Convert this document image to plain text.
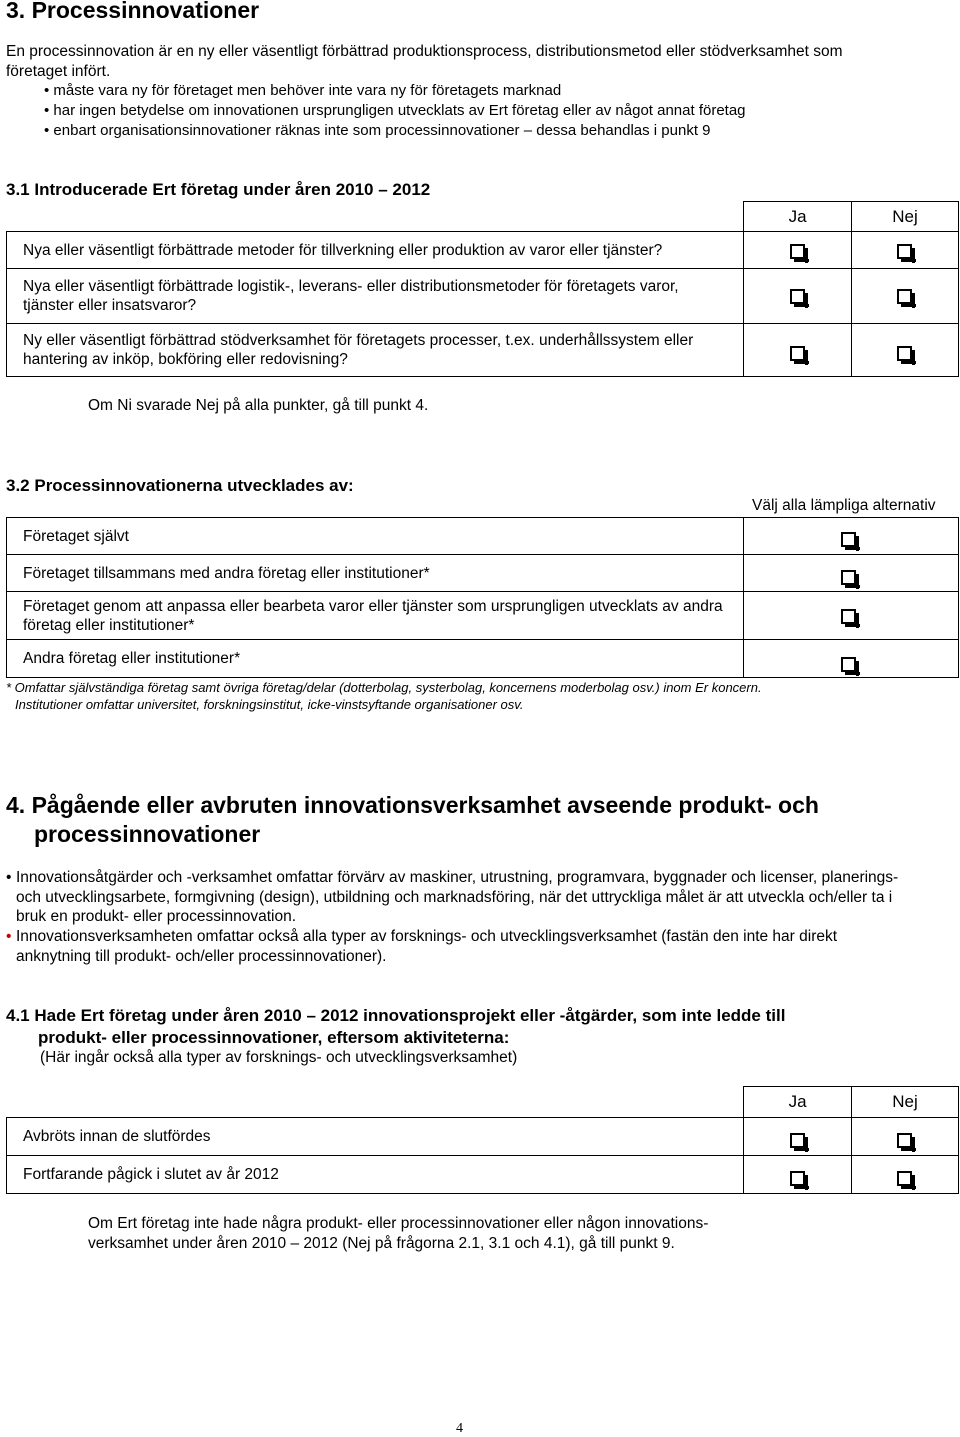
3. Processinnovationer
En processinnovation är en ny eller väsentligt förbättrad produktionsprocess, distributionsmetod eller stödverksamhet som företaget infört.
• måste vara ny för företaget men behöver inte vara ny för företagets marknad
• har ingen betydelse om innovationen ursprungligen utvecklats av Ert företag eller av något annat företag
• enbart organisationsinnovationer räknas inte som processinnovationer – dessa behandlas i punkt 9
3.1 Introducerade Ert företag under åren 2010 – 2012
	Ja	Nej
Nya eller väsentligt förbättrade metoder för tillverkning eller produktion av varor eller tjänster?	

Nya eller väsentligt förbättrade logistik-, leverans- eller distributionsmetoder för företagets varor, tjänster eller insatsvaror?	

Ny eller väsentligt förbättrad stödverksamhet för företagets processer, t.ex. underhållssystem eller hantering av inköp, bokföring eller redovisning?	

Om Ni svarade Nej på alla punkter, gå till punkt 4.
3.2 Processinnovationerna utvecklades av:
Välj alla lämpliga alternativ
Företaget självt	

Företaget tillsammans med andra företag eller institutioner*	

Företaget genom att anpassa eller bearbeta varor eller tjänster som ursprungligen utvecklats av andra företag eller institutioner*	

Andra företag eller institutioner*	
* Omfattar självständiga företag samt övriga företag/delar (dotterbolag, systerbolag, koncernens moderbolag osv.) inom Er koncern.
Institutioner omfattar universitet, forskningsinstitut, icke-vinstsyftande organisationer osv.
4. Pågående eller avbruten innovationsverksamhet avseende produkt- och
processinnovationer
• Innovationsåtgärder och -verksamhet omfattar förvärv av maskiner, utrustning, programvara, byggnader och licenser, planerings- och utvecklingsarbete, formgivning (design), utbildning och marknadsföring, när det uttryckliga målet är att utveckla och/eller ta i bruk en produkt- eller processinnovation.
• Innovationsverksamheten omfattar också alla typer av forsknings- och utvecklingsverksamhet (fastän den inte har direkt anknytning till produkt- och/eller processinnovationer).
4.1 Hade Ert företag under åren 2010 – 2012 innovationsprojekt eller -åtgärder, som inte ledde till
produkt- eller processinnovationer, eftersom aktiviteterna:
(Här ingår också alla typer av forsknings- och utvecklingsverksamhet)
	Ja	Nej
Avbröts innan de slutfördes	

Fortfarande pågick i slutet av år 2012	

Om Ert företag inte hade några produkt- eller processinnovationer eller någon innovations-verksamhet under åren 2010 – 2012 (Nej på frågorna 2.1, 3.1 och 4.1), gå till punkt 9.
4
